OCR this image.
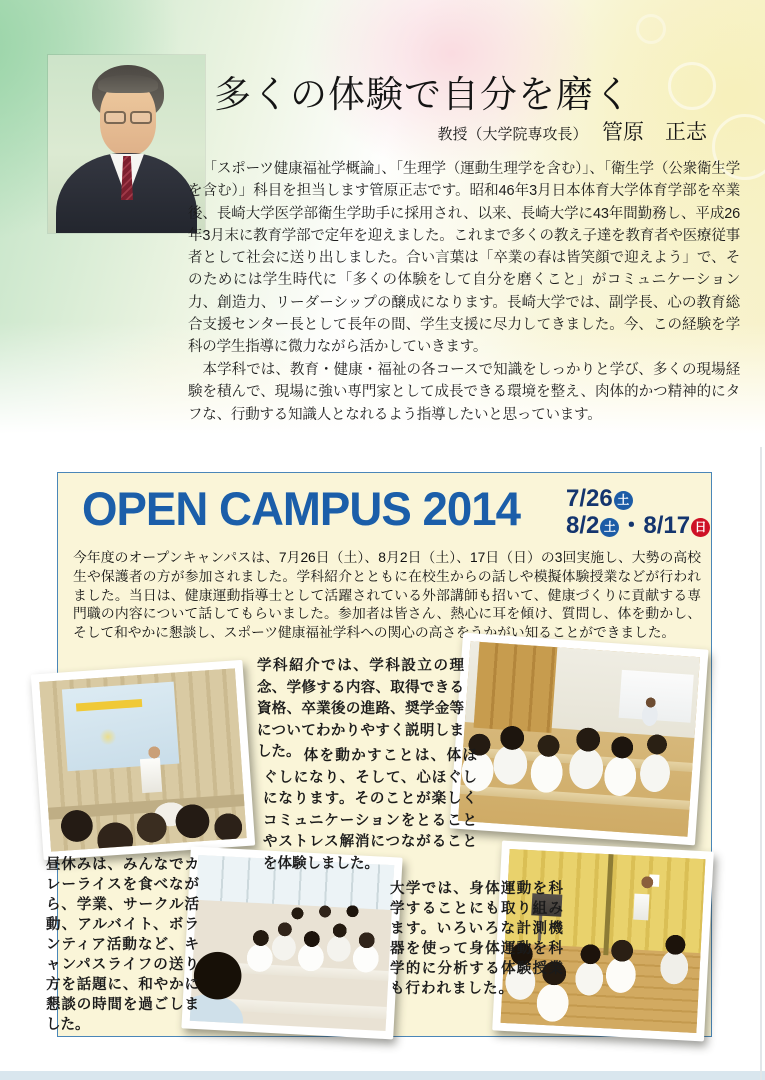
多くの体験で自分を磨く
教授（大学院専攻長） 管原　正志

「スポーツ健康福祉学概論」、「生理学（運動生理学を含む）」、「衛生学（公衆衛生学を含む）」科目を担当します管原正志です。昭和46年3月日本体育大学体育学部を卒業後、長崎大学医学部衛生学助手に採用され、以来、長崎大学に43年間勤務し、平成26年3月末に教育学部で定年を迎えました。これまで多くの教え子達を教育者や医療従事者として社会に送り出しました。合い言葉は「卒業の春は皆笑顔で迎えよう」で、そのためには学生時代に「多くの体験をして自分を磨くこと」がコミュニケーション力、創造力、リーダーシップの醸成になります。長崎大学では、副学長、心の教育総合支援センター長として長年の間、学生支援に尽力してきました。今、この経験を学科の学生指導に微力ながら活かしていきます。

本学科では、教育・健康・福祉の各コースで知識をしっかりと学び、多くの現場経験を積んで、現場に強い専門家として成長できる環境を整え、肉体的かつ精神的にタフな、行動する知識人となれるよう指導したいと思っています。

OPEN CAMPUS 2014 7/26 土
8/2 土 ・8/17 日

今年度のオープンキャンパスは、7月26日（土）、8月2日（土）、17日（日）の3回実施し、大勢の高校生や保護者の方が参加されました。学科紹介とともに在校生からの話しや模擬体験授業などが行われました。当日は、健康運動指導士として活躍されている外部講師も招いて、健康づくりに貢献する専門職の内容について話してもらいました。参加者は皆さん、熱心に耳を傾け、質問し、体を動かし、そして和やかに懇談し、スポーツ健康福祉学科への関心の高さをうかがい知ることができました。

学科紹介では、学科設立の理念、学修する内容、取得できる資格、卒業後の進路、奨学金等についてわかりやすく説明しました。 体を動かすことは、体ほぐしになり、そして、心ほぐしになります。そのことが楽しくコミュニケーションをとることやストレス解消につながることを体験しました。

昼休みは、みんなでカレーライスを食べながら、学業、サークル活動、アルバイト、ボランティア活動など、キャンパスライフの送り方を話題に、和やかに懇談の時間を過ごしました。

大学では、身体運動を科学することにも取り組みます。いろいろな計測機器を使って身体運動を科学的に分析する体験授業も行われました。
